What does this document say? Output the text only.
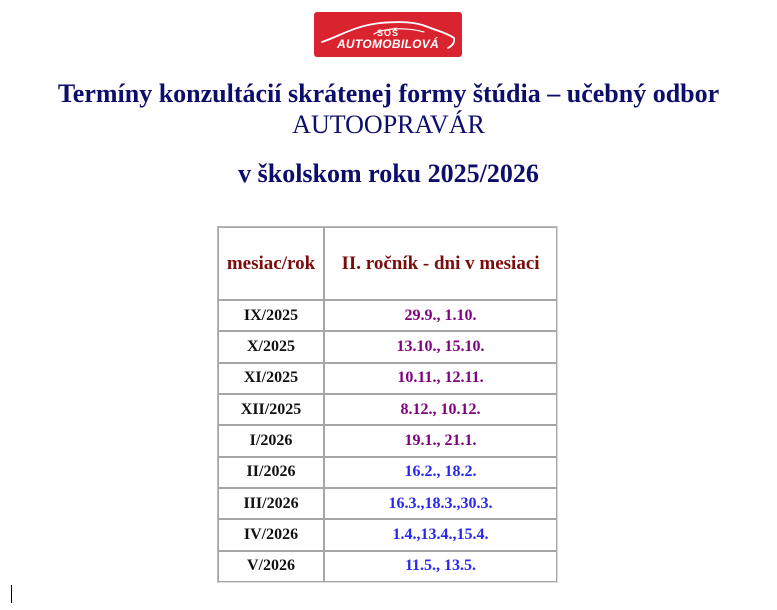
SOŠ
AUTOMOBILOVÁ

Termíny konzultácií skrátenej formy štúdia – učebný odbor

AUTOOPRAVÁR

v školskom roku 2025/2026

mesiac/rok	II. ročník - dni v mesiaci
IX/2025	29.9., 1.10.
X/2025	13.10., 15.10.
XI/2025	10.11., 12.11.
XII/2025	8.12., 10.12.
I/2026	19.1., 21.1.
II/2026	16.2., 18.2.
III/2026	16.3.,18.3.,30.3.
IV/2026	1.4.,13.4.,15.4.
V/2026	11.5., 13.5.
